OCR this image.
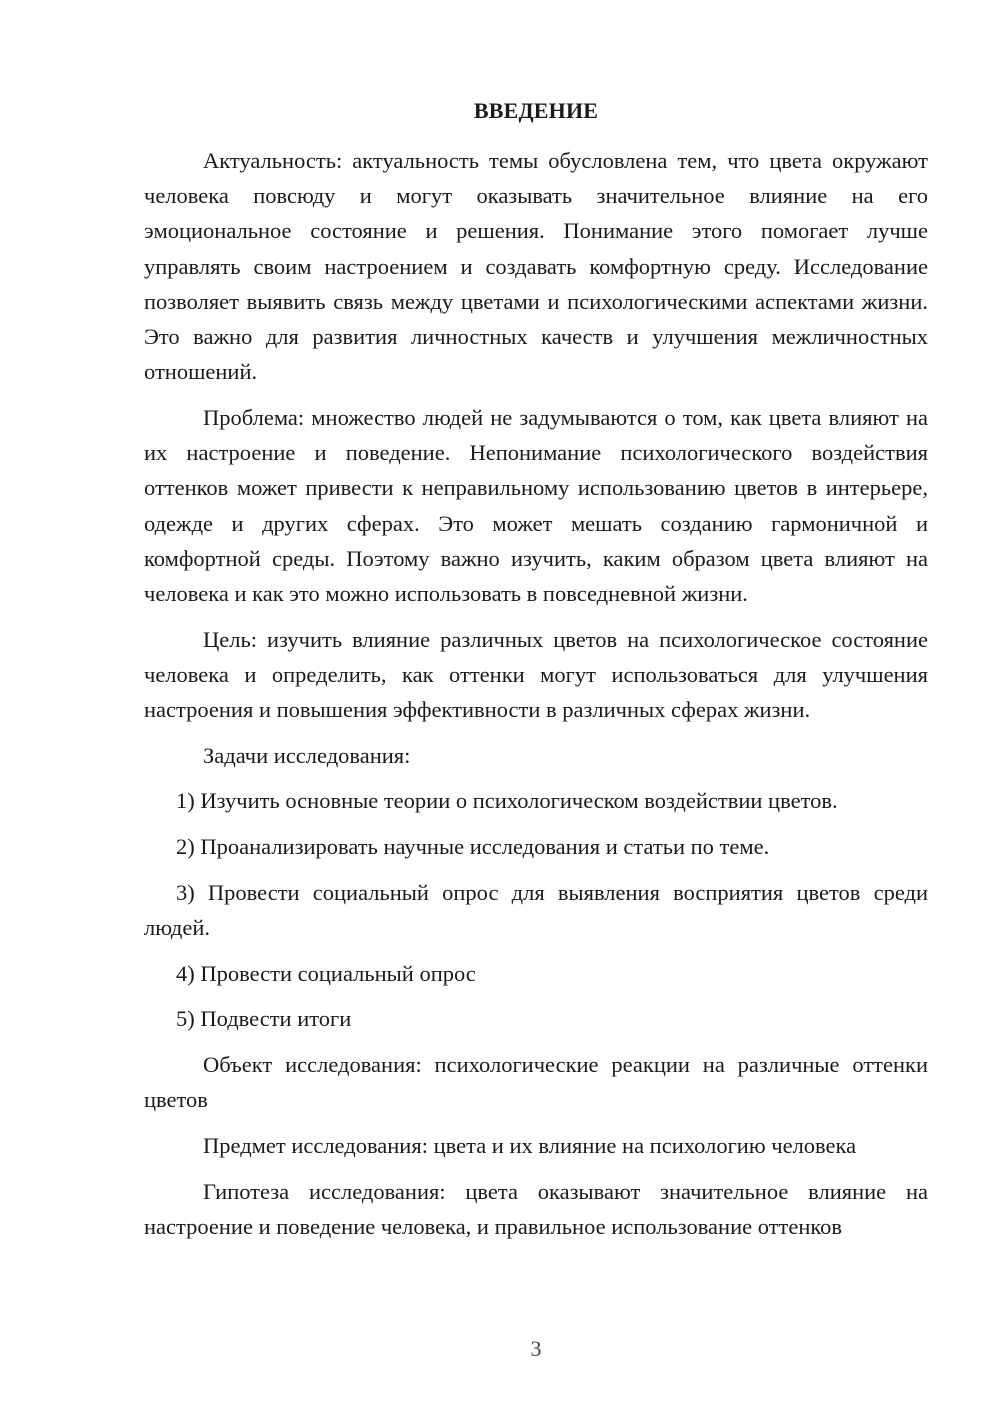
ВВЕДЕНИЕ

Актуальность: актуальность темы обусловлена тем, что цвета окружают человека повсюду и могут оказывать значительное влияние на его эмоциональное состояние и решения. Понимание этого помогает лучше управлять своим настроением и создавать комфортную среду. Исследование позволяет выявить связь между цветами и психологическими аспектами жизни. Это важно для развития личностных качеств и улучшения межличностных отношений.

Проблема: множество людей не задумываются о том, как цвета влияют на их настроение и поведение. Непонимание психологического воздействия оттенков может привести к неправильному использованию цветов в интерьере, одежде и других сферах. Это может мешать созданию гармоничной и комфортной среды. Поэтому важно изучить, каким образом цвета влияют на человека и как это можно использовать в повседневной жизни.

Цель: изучить влияние различных цветов на психологическое состояние человека и определить, как оттенки могут использоваться для улучшения настроения и повышения эффективности в различных сферах жизни.

Задачи исследования:

1) Изучить основные теории о психологическом воздействии цветов.

2) Проанализировать научные исследования и статьи по теме.

3) Провести социальный опрос для выявления восприятия цветов среди людей.

4) Провести социальный опрос

5) Подвести итоги

Объект исследования: психологические реакции на различные оттенки цветов

Предмет исследования: цвета и их влияние на психологию человека

Гипотеза исследования: цвета оказывают значительное влияние на настроение и поведение человека, и правильное использование оттенков

3
